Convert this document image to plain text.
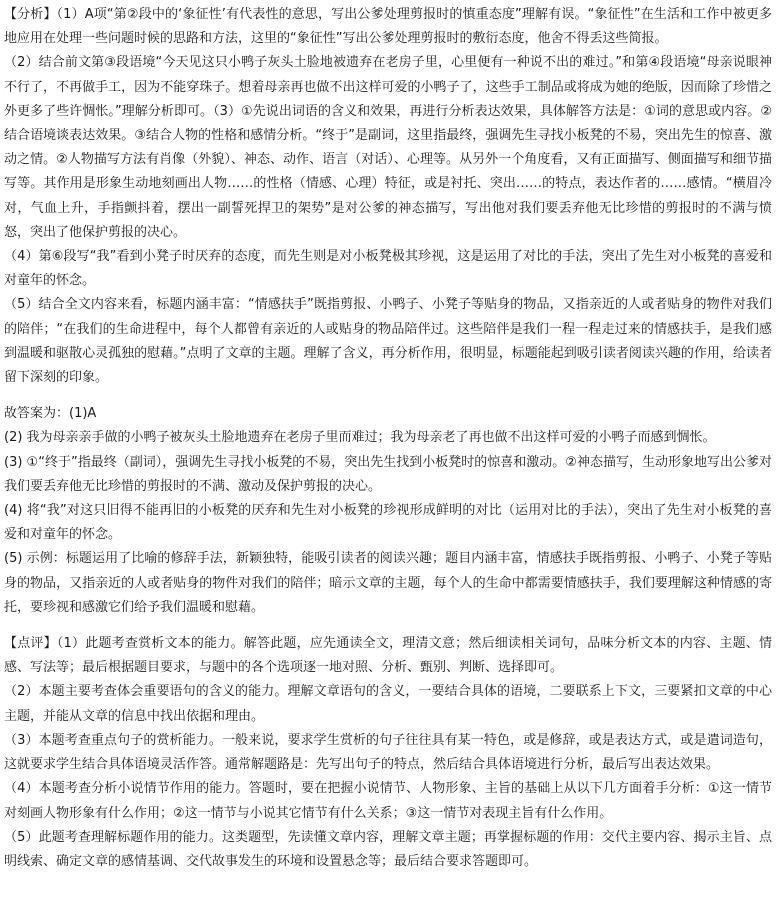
【分析】（1）A项“第②段中的‘象征性’有代表性的意思，写出公爹处理剪报时的慎重态度”理解有误。“象征性”在生活和工作中被更多地应用在处理一些问题时候的思路和方法，这里的“象征性”写出公爹处理剪报时的敷衍态度，他舍不得丢这些简报。

（2）结合前文第③段语境“今天见这只小鸭子灰头土脸地被遗弃在老房子里，心里便有一种说不出的难过。”和第④段语境“母亲说眼神不行了，不再做手工，因为不能穿珠子。想着母亲再也做不出这样可爱的小鸭子了，这些手工制品或将成为她的绝版，因而除了珍惜之外更多了些许惆怅。”理解分析即可。（3）①先说出词语的含义和效果，再进行分析表达效果，具体解答方法是：①词的意思或内容。②结合语境谈表达效果。③结合人物的性格和感情分析。“终于”是副词，这里指最终，强调先生寻找小板凳的不易，突出先生的惊喜、激动之情。②人物描写方法有肖像（外貌）、神态、动作、语言（对话）、心理等。从另外一个角度看，又有正面描写、侧面描写和细节描写等。其作用是形象生动地刻画出人物……的性格（情感、心理）特征，或是衬托、突出……的特点，表达作者的……感情。“横眉冷对，气血上升，手指颤抖着，摆出一副誓死捍卫的架势”是对公爹的神态描写，写出他对我们要丢弃他无比珍惜的剪报时的不满与愤怒，突出了他保护剪报的决心。

（4）第⑥段写“我”看到小凳子时厌弃的态度，而先生则是对小板凳极其珍视，这是运用了对比的手法，突出了先生对小板凳的喜爱和对童年的怀念。

（5）结合全文内容来看，标题内涵丰富：“情感扶手”既指剪报、小鸭子、小凳子等贴身的物品，又指亲近的人或者贴身的物件对我们的陪伴；“在我们的生命进程中，每个人都曾有亲近的人或贴身的物品陪伴过。这些陪伴是我们一程一程走过来的情感扶手，是我们感到温暖和驱散心灵孤独的慰藉。”点明了文章的主题。理解了含义，再分析作用，很明显，标题能起到吸引读者阅读兴趣的作用，给读者留下深刻的印象。

故答案为：(1)A

(2) 我为母亲亲手做的小鸭子被灰头土脸地遗弃在老房子里而难过；我为母亲老了再也做不出这样可爱的小鸭子而感到惆怅。

(3) ①“终于”指最终（副词），强调先生寻找小板凳的不易，突出先生找到小板凳时的惊喜和激动。②神态描写，生动形象地写出公爹对我们要丢弃他无比珍惜的剪报时的不满、激动及保护剪报的决心。

(4) 将“我”对这只旧得不能再旧的小板凳的厌弃和先生对小板凳的珍视形成鲜明的对比（运用对比的手法），突出了先生对小板凳的喜爱和对童年的怀念。

(5) 示例：标题运用了比喻的修辞手法，新颖独特，能吸引读者的阅读兴趣；题目内涵丰富，情感扶手既指剪报、小鸭子、小凳子等贴身的物品，又指亲近的人或者贴身的物件对我们的陪伴；暗示文章的主题，每个人的生命中都需要情感扶手，我们要理解这种情感的寄托，要珍视和感激它们给予我们温暖和慰藉。

【点评】（1）此题考查赏析文本的能力。解答此题，应先通读全文，理清文意；然后细读相关词句，品味分析文本的内容、主题、情感、写法等；最后根据题目要求，与题中的各个选项逐一地对照、分析、甄别、判断、选择即可。

（2）本题主要考查体会重要语句的含义的能力。理解文章语句的含义，一要结合具体的语境，二要联系上下文，三要紧扣文章的中心主题，并能从文章的信息中找出依据和理由。

（3）本题考查重点句子的赏析能力。一般来说，要求学生赏析的句子往往具有某一特色，或是修辞，或是表达方式，或是遣词造句，这就要求学生结合具体语境灵活作答。通常解题路是：先写出句子的特点，然后结合具体语境进行分析，最后写出表达效果。

（4）本题考查分析小说情节作用的能力。答题时，要在把握小说情节、人物形象、主旨的基础上从以下几方面着手分析：①这一情节对刻画人物形象有什么作用；②这一情节与小说其它情节有什么关系；③这一情节对表现主旨有什么作用。

（5）此题考查理解标题作用的能力。这类题型，先读懂文章内容，理解文章主题；再掌握标题的作用：交代主要内容、揭示主旨、点明线索、确定文章的感情基调、交代故事发生的环境和设置悬念等；最后结合要求答题即可。
